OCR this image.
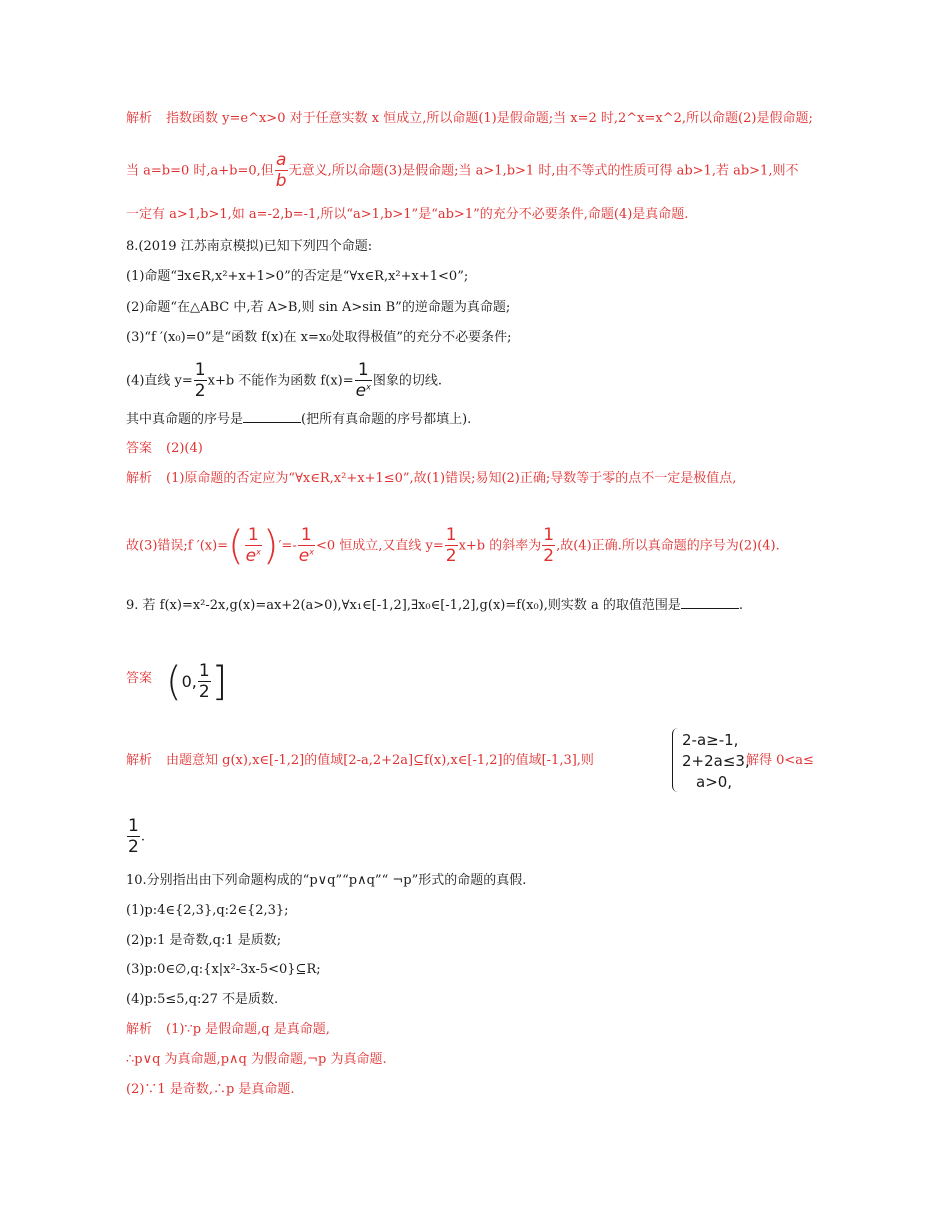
解析 指数函数 y=e^x>0 对于任意实数 x 恒成立,所以命题(1)是假命题;当 x=2 时,2^x=x^2,所以命题(2)是假命题;
当 a=b=0 时,a+b=0,但 $\frac{a}{b}$ 无意义,所以命题(3)是假命题;当 a>1,b>1 时,由不等式的性质可得 ab>1,若 ab>1,则不
一定有 a>1,b>1,如 a=-2,b=-1,所以“a>1,b>1”是“ab>1”的充分不必要条件,命题(4)是真命题.
8.(2019 江苏南京模拟)已知下列四个命题:
(1)命题“∃x∈R,x²+x+1>0”的否定是“∀x∈R,x²+x+1<0”;
(2)命题“在△ABC 中,若 A>B,则 sin A>sin B”的逆命题为真命题;
(3)“f ′(x₀)=0”是“函数 f(x)在 x=x₀处取得极值”的充分不必要条件;
(4)直线 $y= \frac{1}{2} x+b$ 不能作为函数 $f(x)= \frac{1}{e^x}$ 图象的切线.
其中真命题的序号是	(把所有真命题的序号都填上).
答案 (2)(4)
解析 (1)原命题的否定应为“∀x∈R,x²+x+1≤0”,故(1)错误;易知(2)正确;导数等于零的点不一定是极值点,
故(3)错误;f $'(x)=( \frac{1}{e^x}$ )′=- $\frac{1}{e^x} <0$ 恒成立,又直线 $y= \frac{1}{2} x+b$ 的斜率为 $\frac{1}{2}$ ,故(4)正确.所以真命题的序号为(2)(4).
9. 若 f(x)=x²-2x,g(x)=ax+2(a>0),∀x₁∈[-1,2],∃x₀∈[-1,2],g(x)=f(x₀),则实数 a 的取值范围是	.
答案 (0, $\frac{1}{2}$ ]
解析 由题意知 g(x),x∈[-1,2]的值域[2-a,2+2a]⊆f(x),x∈[-1,2]的值域[-1,3],则
2-a≥-1,
2+2a≤3,
a>0,
解得 0<a≤
$\frac{1}{2}$ .
10.分别指出由下列命题构成的“p∨q”“p∧q”“ ¬p”形式的命题的真假.
(1)p:4∈{2,3},q:2∈{2,3};
(2)p:1 是奇数,q:1 是质数;
(3)p:0∈∅,q:{x|x²-3x-5<0}⊆R;
(4)p:5≤5,q:27 不是质数.
解析 (1)∵p 是假命题,q 是真命题,
∴p∨q 为真命题,p∧q 为假命题,¬p 为真命题.
(2)∵1 是奇数,∴p 是真命题.
